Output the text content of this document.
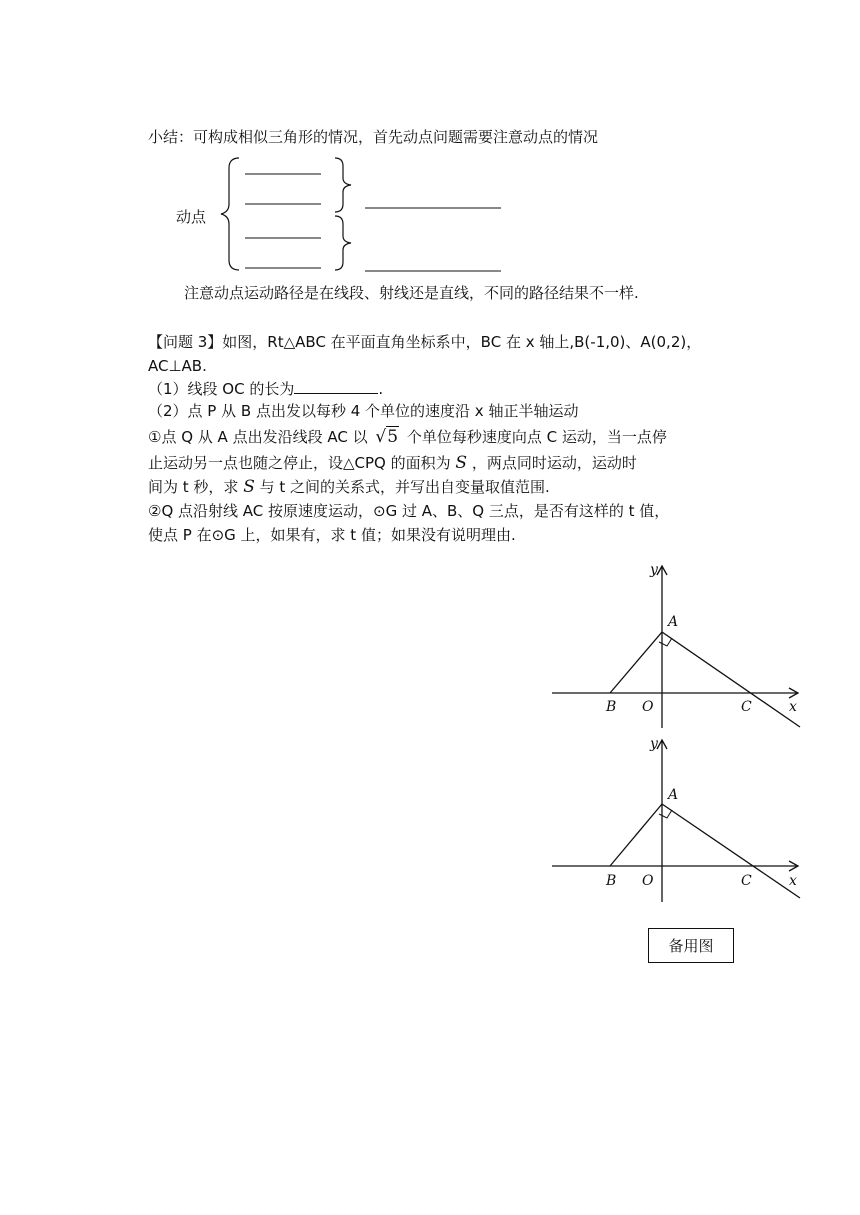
小结：可构成相似三角形的情况，首先动点问题需要注意动点的情况
动点
注意动点运动路径是在线段、射线还是直线，不同的路径结果不一样.
【问题 3】如图，Rt△ABC 在平面直角坐标系中，BC 在 x 轴上,B(-1,0)、A(0,2)，
AC⊥AB.
（1）线段 OC 的长为	.
（2）点 P 从 B 点出发以每秒 4 个单位的速度沿 x 轴正半轴运动
①点 Q 从 A 点出发沿线段 AC 以 √5 个单位每秒速度向点 C 运动，当一点停
止运动另一点也随之停止，设△CPQ 的面积为 S ，两点同时运动，运动时
间为 t 秒，求 S 与 t 之间的关系式，并写出自变量取值范围.
②Q 点沿射线 AC 按原速度运动，⊙G 过 A、B、Q 三点，是否有这样的 t 值，
使点 P 在⊙G 上，如果有，求 t 值；如果没有说明理由.
y
A
B O	C	x
y
A
B O	C	x
备用图
